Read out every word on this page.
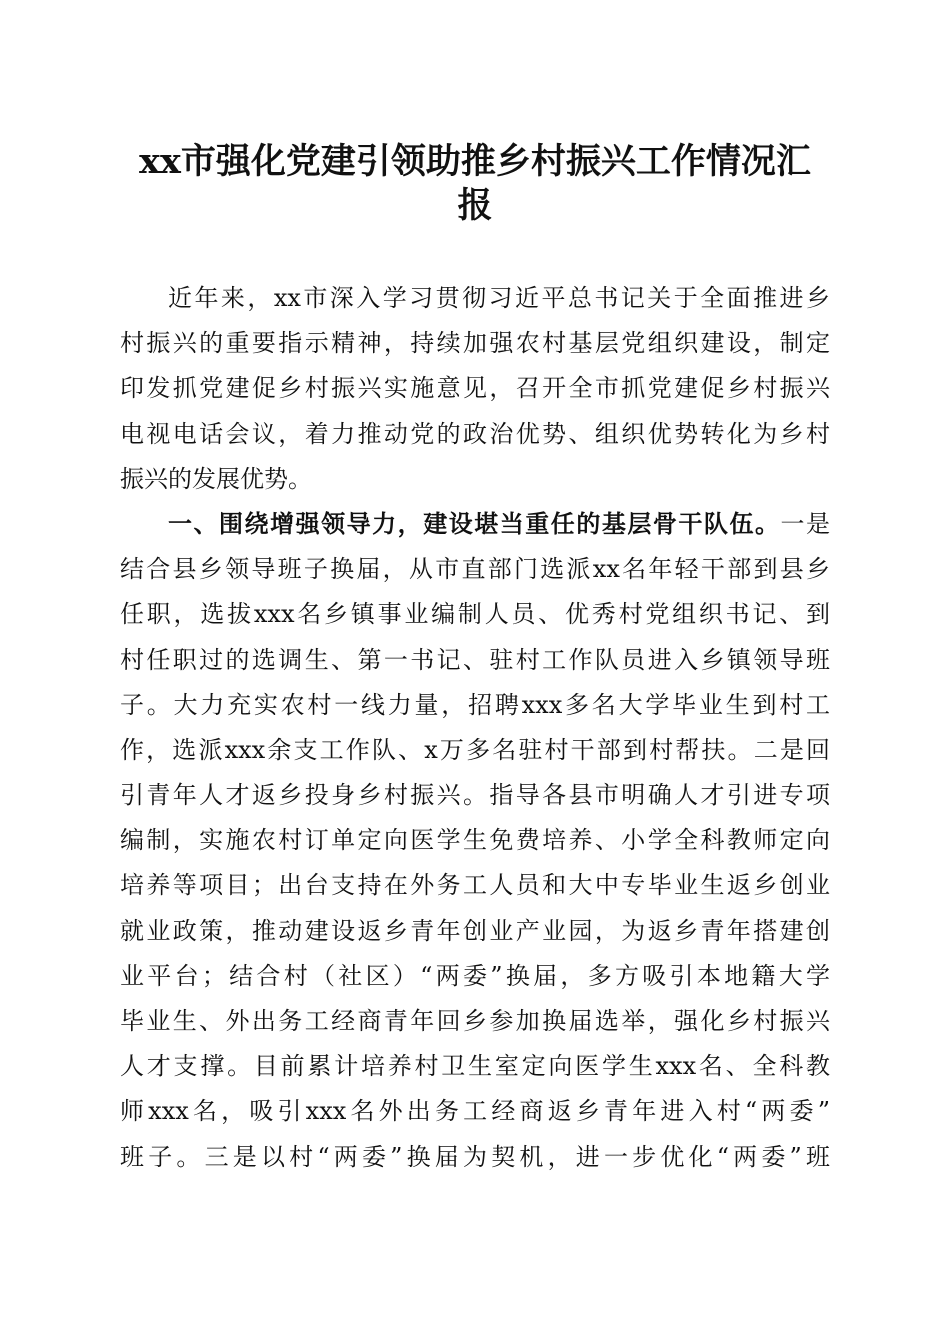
xx市强化党建引领助推乡村振兴工作情况汇
报
近年来，xx市深入学习贯彻习近平总书记关于全面推进乡
村振兴的重要指示精神，持续加强农村基层党组织建设，制定
印发抓党建促乡村振兴实施意见，召开全市抓党建促乡村振兴
电视电话会议，着力推动党的政治优势、组织优势转化为乡村
振兴的发展优势。
一、围绕增强领导力，建设堪当重任的基层骨干队伍。一是
结合县乡领导班子换届，从市直部门选派xx名年轻干部到县乡
任职，选拔xxx名乡镇事业编制人员、优秀村党组织书记、到
村任职过的选调生、第一书记、驻村工作队员进入乡镇领导班
子。大力充实农村一线力量，招聘xxx多名大学毕业生到村工
作，选派xxx余支工作队、x万多名驻村干部到村帮扶。二是回
引青年人才返乡投身乡村振兴。指导各县市明确人才引进专项
编制，实施农村订单定向医学生免费培养、小学全科教师定向
培养等项目；出台支持在外务工人员和大中专毕业生返乡创业
就业政策，推动建设返乡青年创业产业园，为返乡青年搭建创
业平台；结合村（社区）“两委”换届，多方吸引本地籍大学
毕业生、外出务工经商青年回乡参加换届选举，强化乡村振兴
人才支撑。目前累计培养村卫生室定向医学生xxx名、全科教
师xxx名，吸引xxx名外出务工经商返乡青年进入村“两委”
班子。三是以村“两委”换届为契机，进一步优化“两委”班
